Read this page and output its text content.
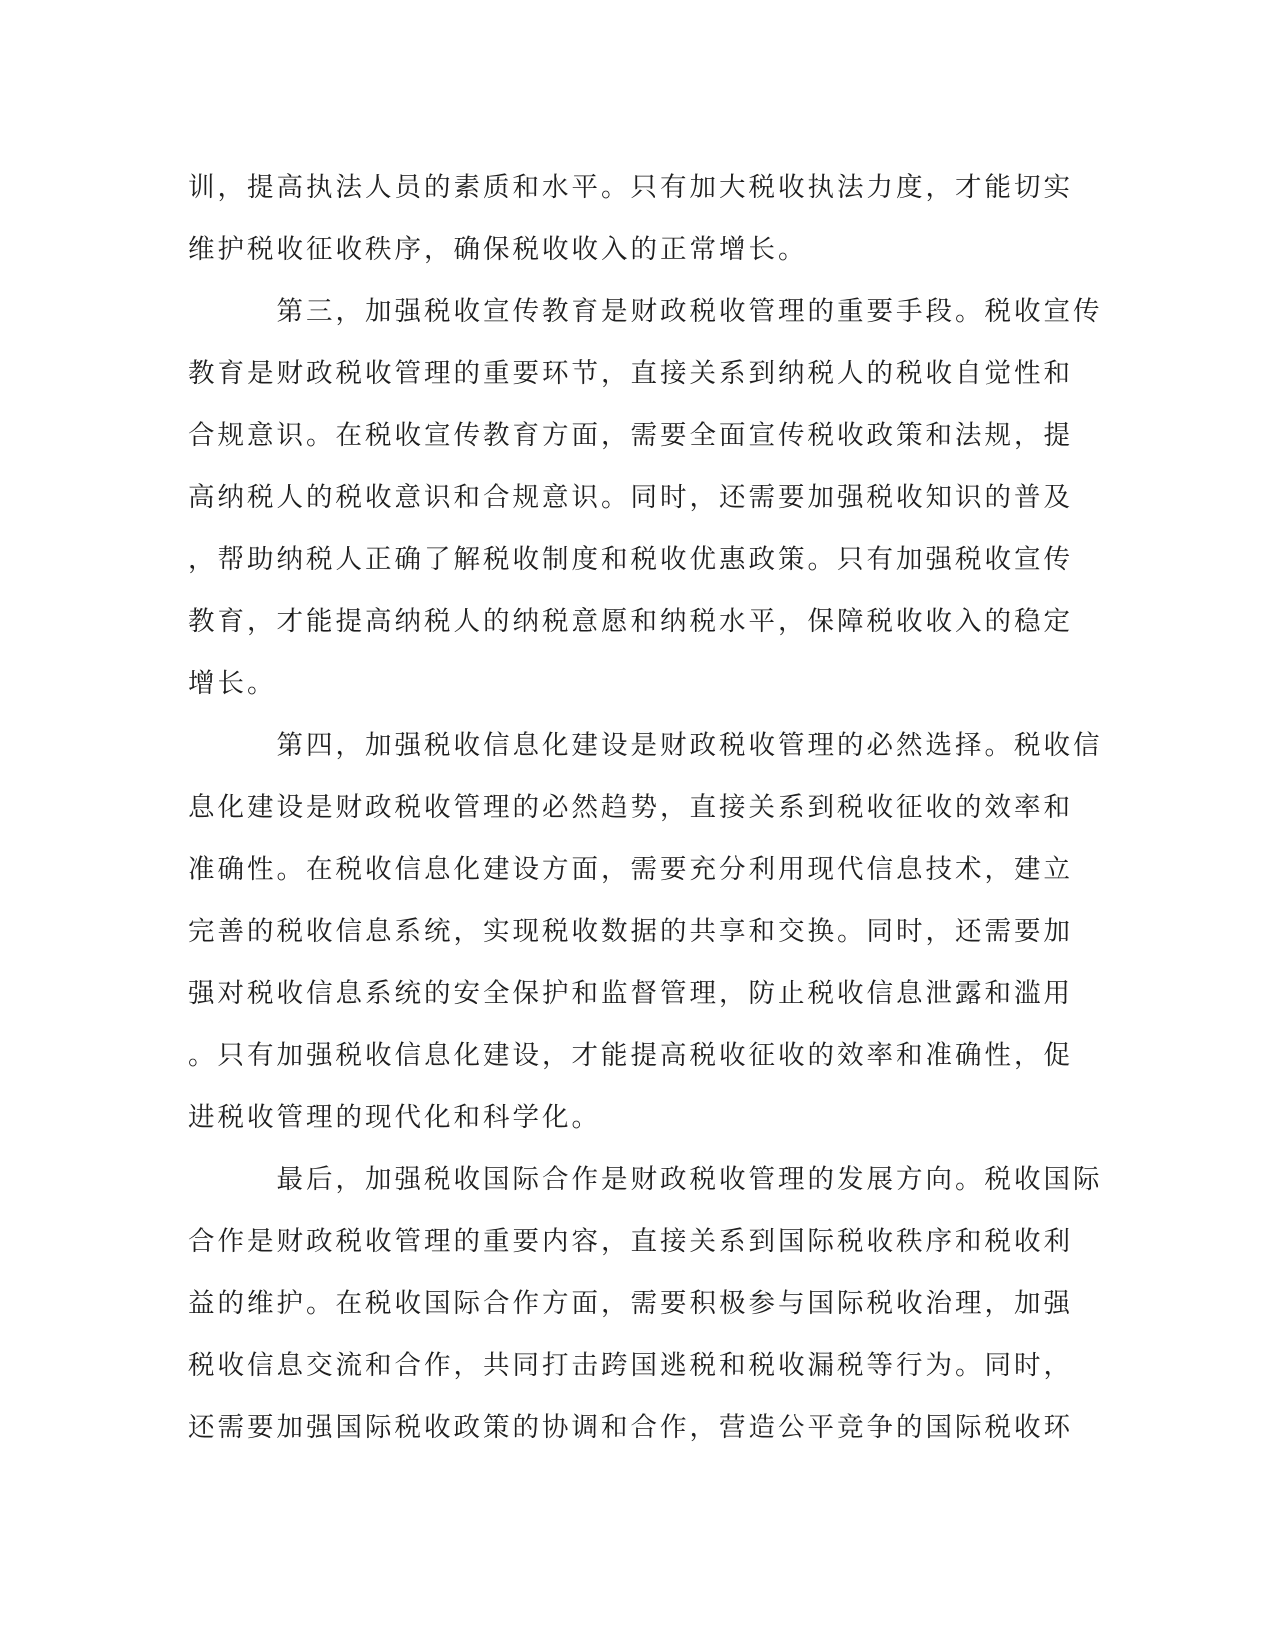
训，提高执法人员的素质和水平。只有加大税收执法力度，才能切实
维护税收征收秩序，确保税收收入的正常增长。
　　　第三，加强税收宣传教育是财政税收管理的重要手段。税收宣传
教育是财政税收管理的重要环节，直接关系到纳税人的税收自觉性和
合规意识。在税收宣传教育方面，需要全面宣传税收政策和法规，提
高纳税人的税收意识和合规意识。同时，还需要加强税收知识的普及
，帮助纳税人正确了解税收制度和税收优惠政策。只有加强税收宣传
教育，才能提高纳税人的纳税意愿和纳税水平，保障税收收入的稳定
增长。
　　　第四，加强税收信息化建设是财政税收管理的必然选择。税收信
息化建设是财政税收管理的必然趋势，直接关系到税收征收的效率和
准确性。在税收信息化建设方面，需要充分利用现代信息技术，建立
完善的税收信息系统，实现税收数据的共享和交换。同时，还需要加
强对税收信息系统的安全保护和监督管理，防止税收信息泄露和滥用
。只有加强税收信息化建设，才能提高税收征收的效率和准确性，促
进税收管理的现代化和科学化。
　　　最后，加强税收国际合作是财政税收管理的发展方向。税收国际
合作是财政税收管理的重要内容，直接关系到国际税收秩序和税收利
益的维护。在税收国际合作方面，需要积极参与国际税收治理，加强
税收信息交流和合作，共同打击跨国逃税和税收漏税等行为。同时，
还需要加强国际税收政策的协调和合作，营造公平竞争的国际税收环
